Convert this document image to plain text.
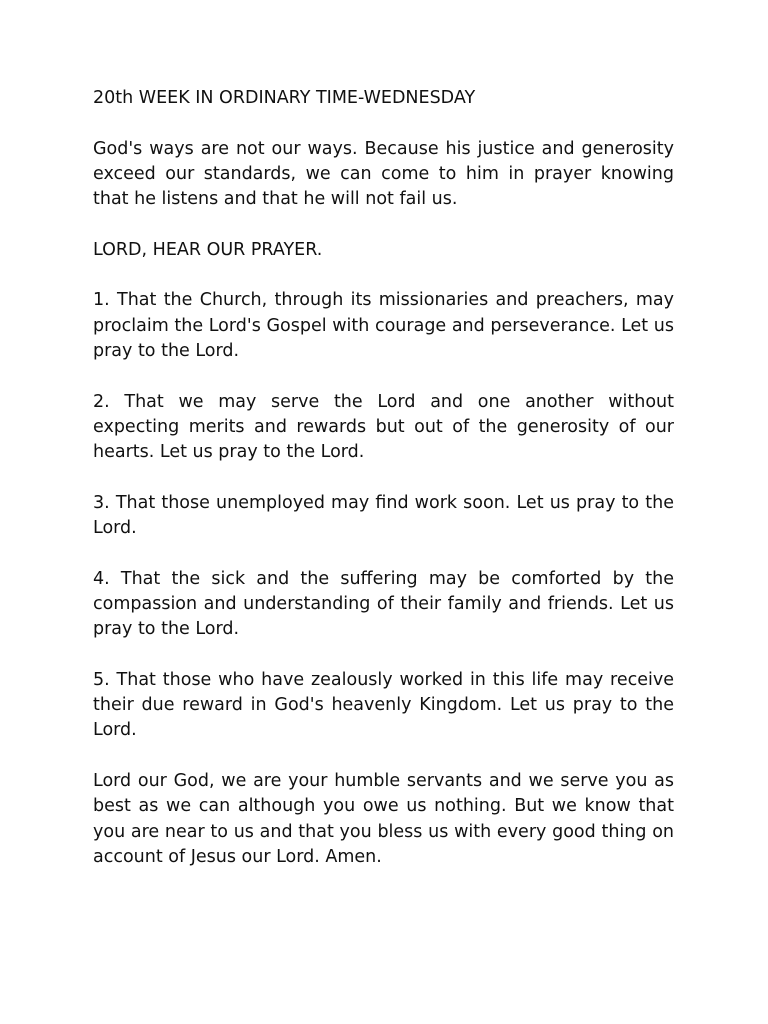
20th WEEK IN ORDINARY TIME-WEDNESDAY

God's ways are not our ways. Because his justice and generosity exceed our standards, we can come to him in prayer knowing that he listens and that he will not fail us.

LORD, HEAR OUR PRAYER.

1. That the Church, through its missionaries and preachers, may proclaim the Lord's Gospel with courage and perseverance. Let us pray to the Lord.

2. That we may serve the Lord and one another without expecting merits and rewards but out of the generosity of our hearts. Let us pray to the Lord.

3. That those unemployed may find work soon. Let us pray to the Lord.

4. That the sick and the suffering may be comforted by the compassion and understanding of their family and friends. Let us pray to the Lord.

5. That those who have zealously worked in this life may receive their due reward in God's heavenly Kingdom. Let us pray to the Lord.

Lord our God, we are your humble servants and we serve you as best as we can although you owe us nothing. But we know that you are near to us and that you bless us with every good thing on account of Jesus our Lord. Amen.
